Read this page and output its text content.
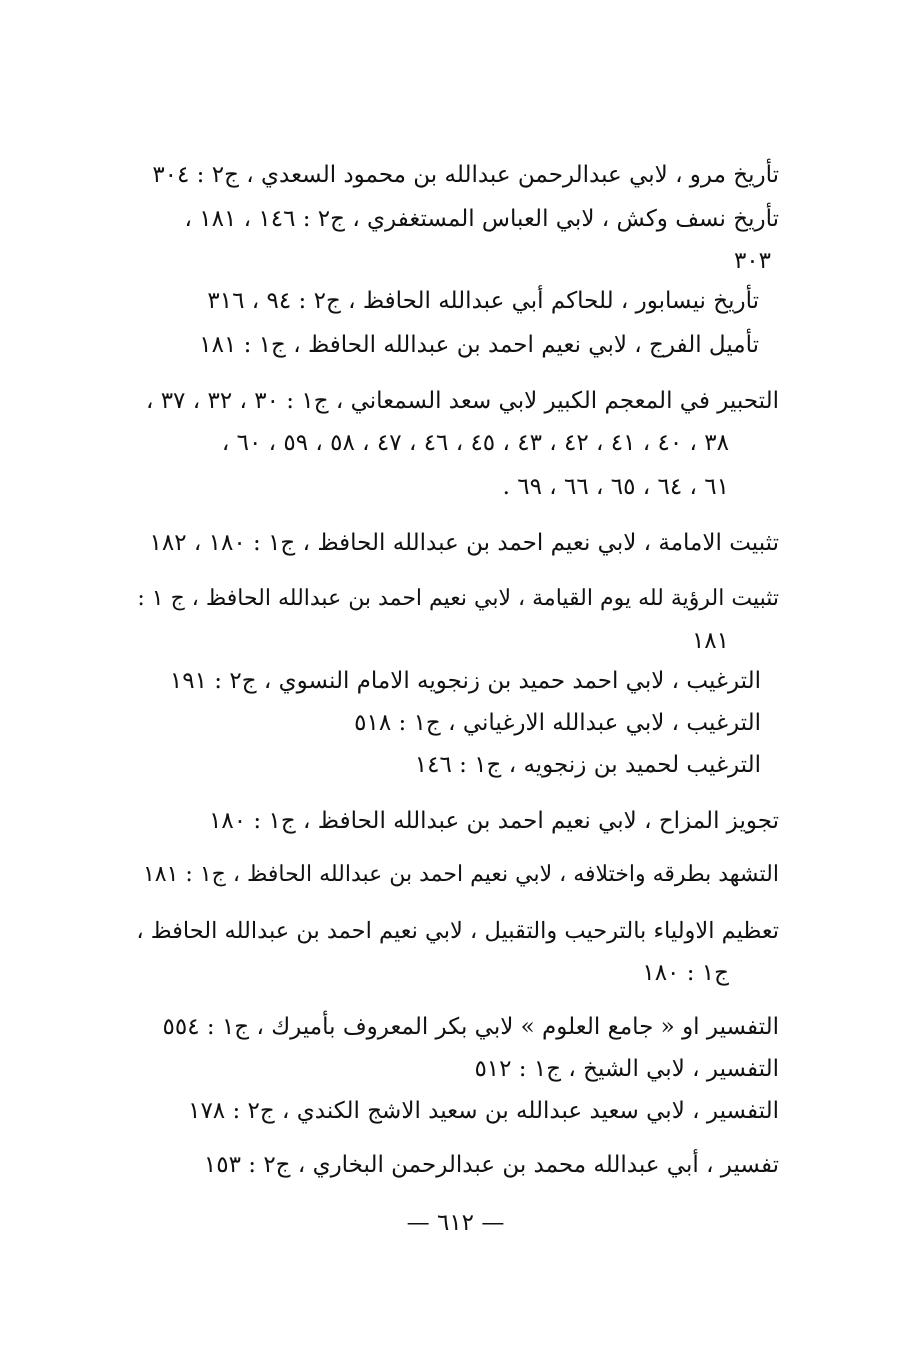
تأريخ مرو ، لابي عبدالرحمن عبدالله بن محمود السعدي ، ج٢ : ٣٠٤
تأريخ نسف وكش ، لابي العباس المستغفري ، ج٢ : ١٤٦ ، ١٨١ ،
٣٠٣
تأريخ نيسابور ، للحاكم أبي عبدالله الحافظ ، ج٢ : ٩٤ ، ٣١٦
تأميل الفرج ، لابي نعيم احمد بن عبدالله الحافظ ، ج١ : ١٨١
التحبير في المعجم الكبير لابي سعد السمعاني ، ج١ : ٣٠ ، ٣٢ ، ٣٧ ،
٣٨ ، ٤٠ ، ٤١ ، ٤٢ ، ٤٣ ، ٤٥ ، ٤٦ ، ٤٧ ، ٥٨ ، ٥٩ ، ٦٠ ،
٦١ ، ٦٤ ، ٦٥ ، ٦٦ ، ٦٩ .
تثبيت الامامة ، لابي نعيم احمد بن عبدالله الحافظ ، ج١ : ١٨٠ ، ١٨٢
تثبيت الرؤية لله يوم القيامة ، لابي نعيم احمد بن عبدالله الحافظ ، ج ١ :
١٨١
الترغيب ، لابي احمد حميد بن زنجويه الامام النسوي ، ج٢ : ١٩١
الترغيب ، لابي عبدالله الارغياني ، ج١ : ٥١٨
الترغيب لحميد بن زنجويه ، ج١ : ١٤٦
تجويز المزاح ، لابي نعيم احمد بن عبدالله الحافظ ، ج١ : ١٨٠
التشهد بطرقه واختلافه ، لابي نعيم احمد بن عبدالله الحافظ ، ج١ : ١٨١
تعظيم الاولياء بالترحيب والتقبيل ، لابي نعيم احمد بن عبدالله الحافظ ،
ج١ : ١٨٠
التفسير او « جامع العلوم » لابي بكر المعروف بأميرك ، ج١ : ٥٥٤
التفسير ، لابي الشيخ ، ج١ : ٥١٢
التفسير ، لابي سعيد عبدالله بن سعيد الاشج الكندي ، ج٢ : ١٧٨
تفسير ، أبي عبدالله محمد بن عبدالرحمن البخاري ، ج٢ : ١٥٣
— ٦١٢ —
